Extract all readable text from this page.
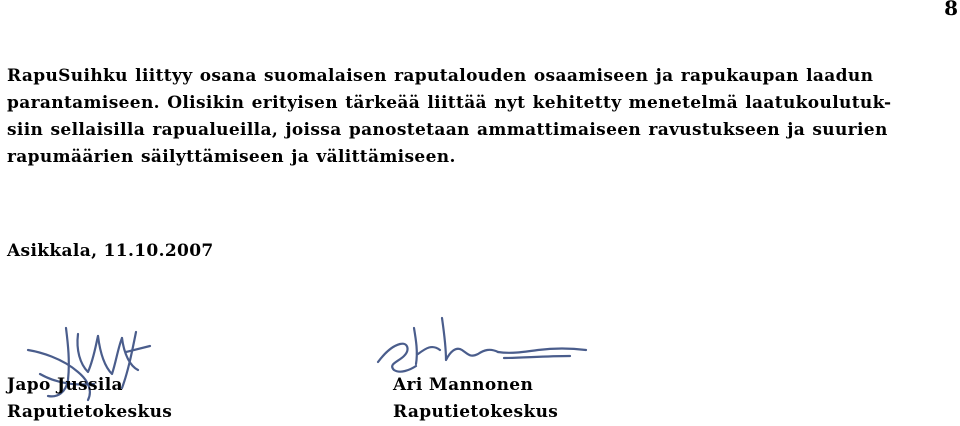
8

RapuSuihku liittyy osana suomalaisen raputalouden osaamiseen ja rapukaupan laadun
parantamiseen. Olisikin erityisen tärkeää liittää nyt kehitetty menetelmä laatukoulutuk-
siin sellaisilla rapualueilla, joissa panostetaan ammattimaiseen ravustukseen ja suurien
rapumäärien säilyttämiseen ja välittämiseen.

Asikkala, 11.10.2007
Japo Jussila
Raputietokeskus
Ari Mannonen
Raputietokeskus
